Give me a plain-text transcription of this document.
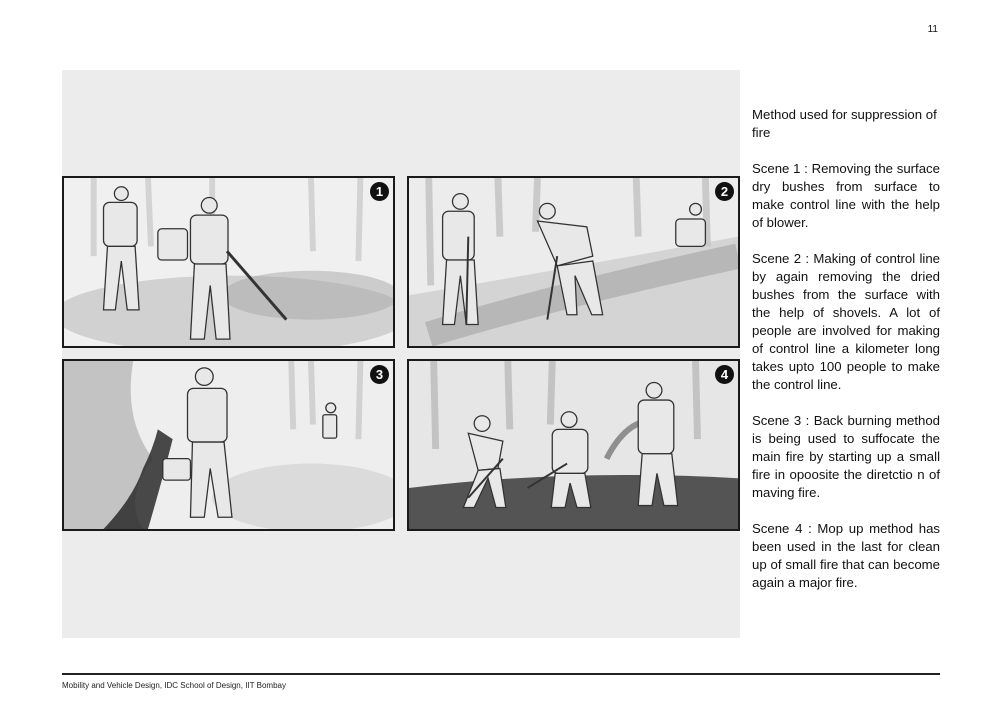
11
1	2
3	4

Method used for suppression of fire

Scene 1 : Removing the surface dry bushes from surface to make control line with the help of blower.

Scene 2 : Making of control line by again removing the dried bushes from the surface with the help of shovels. A lot of people are involved for making of control line a kilometer long takes upto 100 people to make the control line.

Scene 3 : Back burning method is being used to suffocate the main fire by starting up a small fire in opoosite the diretctio n of maving fire.

Scene 4 : Mop up method has been used in the last for clean up of small fire that can become again a major fire.

Mobility and Vehicle Design, IDC School of Design, IIT Bombay
